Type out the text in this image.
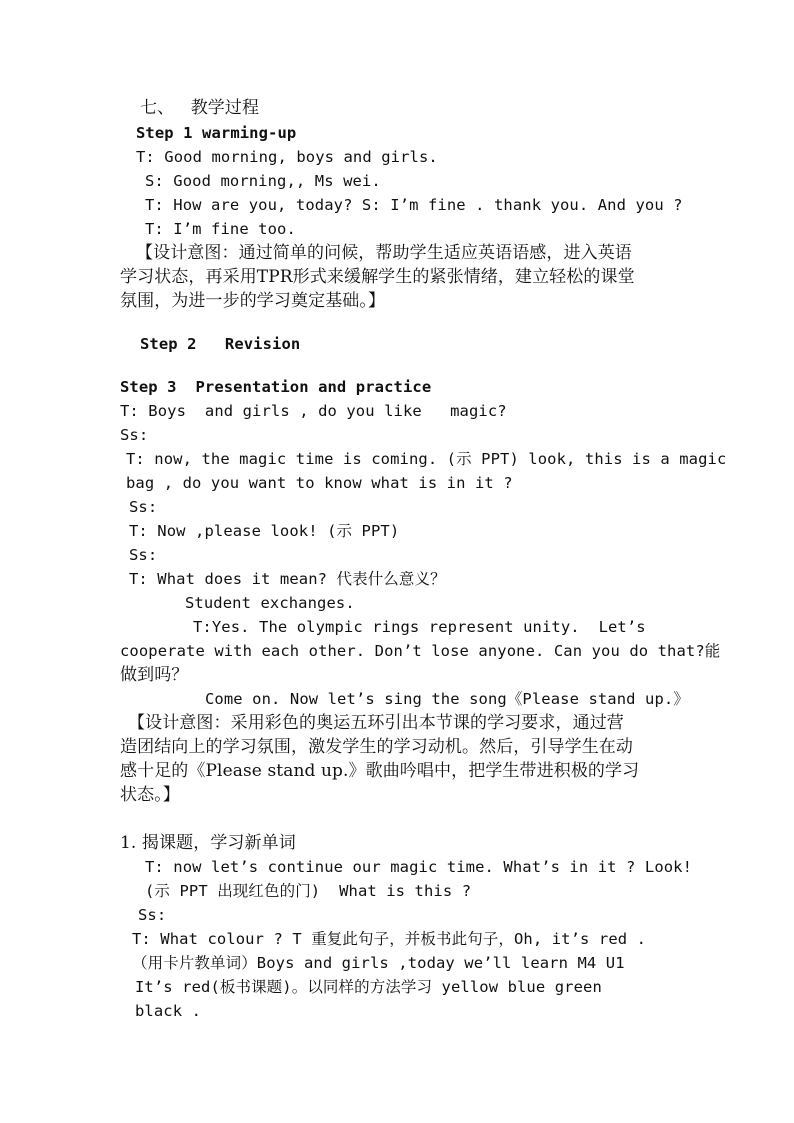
七、   教学过程
Step 1 warming-up
T: Good morning, boys and girls.
S: Good morning,, Ms wei.
T: How are you, today? S: I’m fine . thank you. And you ?
T: I’m fine too.
【设计意图：通过简单的问候，帮助学生适应英语语感，进入英语
学习状态，再采用TPR形式来缓解学生的紧张情绪，建立轻松的课堂
氛围，为进一步的学习奠定基础。】
Step 2   Revision
Step 3  Presentation and practice
T: Boys  and girls , do you like   magic?
Ss:
T: now, the magic time is coming. (示 PPT) look, this is a magic
bag , do you want to know what is in it ?
Ss:
T: Now ,please look! (示 PPT)
Ss:
T: What does it mean? 代表什么意义？
Student exchanges.
T:Yes. The olympic rings represent unity.  Let’s
cooperate with each other. Don’t lose anyone. Can you do that?能
做到吗？
Come on. Now let’s sing the song《Please stand up.》
【设计意图：采用彩色的奥运五环引出本节课的学习要求，通过营
造团结向上的学习氛围，激发学生的学习动机。然后，引导学生在动
感十足的《Please stand up.》歌曲吟唱中，把学生带进积极的学习
状态。】
1. 揭课题，学习新单词
T: now let’s continue our magic time. What’s in it ? Look!
(示 PPT 出现红色的门)  What is this ?
Ss:
T: What colour ? T 重复此句子，并板书此句子，Oh, it’s red .
（用卡片教单词）Boys and girls ,today we’ll learn M4 U1
It’s red(板书课题)。以同样的方法学习 yellow blue green
black .
